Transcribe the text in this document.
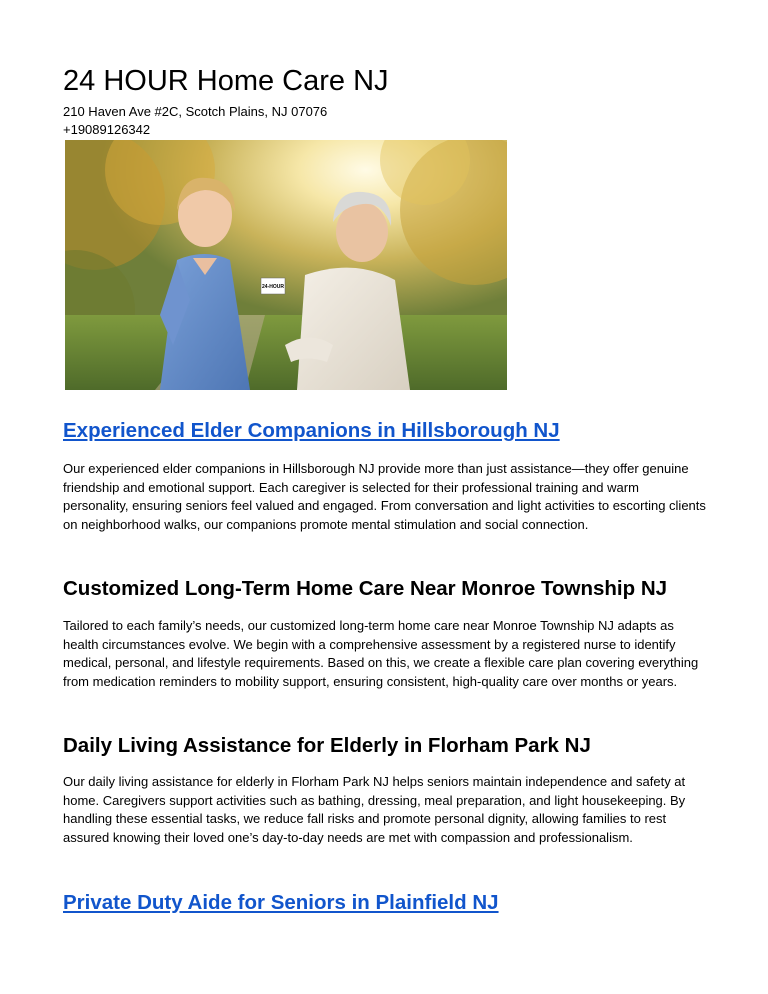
24 HOUR Home Care NJ
210 Haven Ave #2C, Scotch Plains, NJ 07076
+19089126342
24-HOUR
Experienced Elder Companions in Hillsborough NJ

Our experienced elder companions in Hillsborough NJ provide more than just assistance—they offer genuine friendship and emotional support. Each caregiver is selected for their professional training and warm personality, ensuring seniors feel valued and engaged. From conversation and light activities to escorting clients on neighborhood walks, our companions promote mental stimulation and social connection.

Customized Long-Term Home Care Near Monroe Township NJ

Tailored to each family’s needs, our customized long‑term home care near Monroe Township NJ adapts as health circumstances evolve. We begin with a comprehensive assessment by a registered nurse to identify medical, personal, and lifestyle requirements. Based on this, we create a flexible care plan covering everything from medication reminders to mobility support, ensuring consistent, high‑quality care over months or years.

Daily Living Assistance for Elderly in Florham Park NJ

Our daily living assistance for elderly in Florham Park NJ helps seniors maintain independence and safety at home. Caregivers support activities such as bathing, dressing, meal preparation, and light housekeeping. By handling these essential tasks, we reduce fall risks and promote personal dignity, allowing families to rest assured knowing their loved one’s day‑to‑day needs are met with compassion and professionalism.

Private Duty Aide for Seniors in Plainfield NJ
